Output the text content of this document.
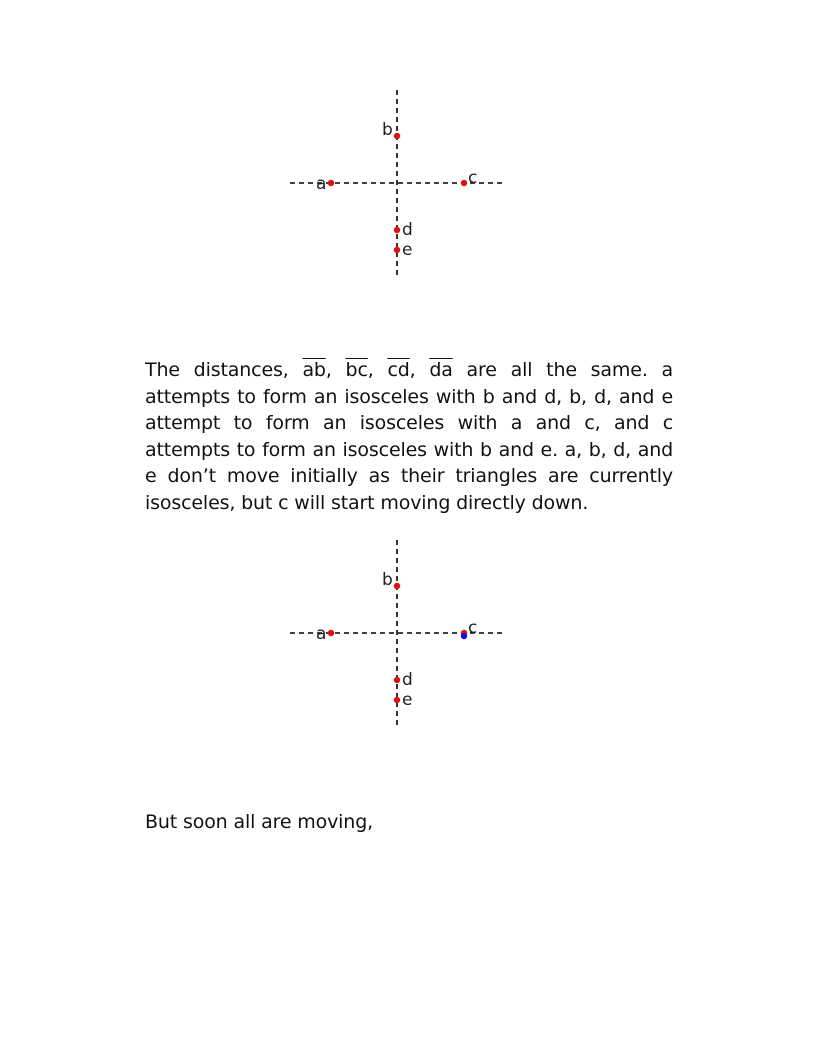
a
b
c
d
e

The distances, $\overline{ab}$, $\overline{bc}$, $\overline{cd}$, $\overline{da}$ are all the same. a attempts to form an isosceles with b and d, b, d, and e attempt to form an isosceles with a and c, and c attempts to form an isosceles with b and e. a, b, d, and e don’t move initially as their triangles are currently isosceles, but c will start moving directly down.

a
b
c
d
e

But soon all are moving,
